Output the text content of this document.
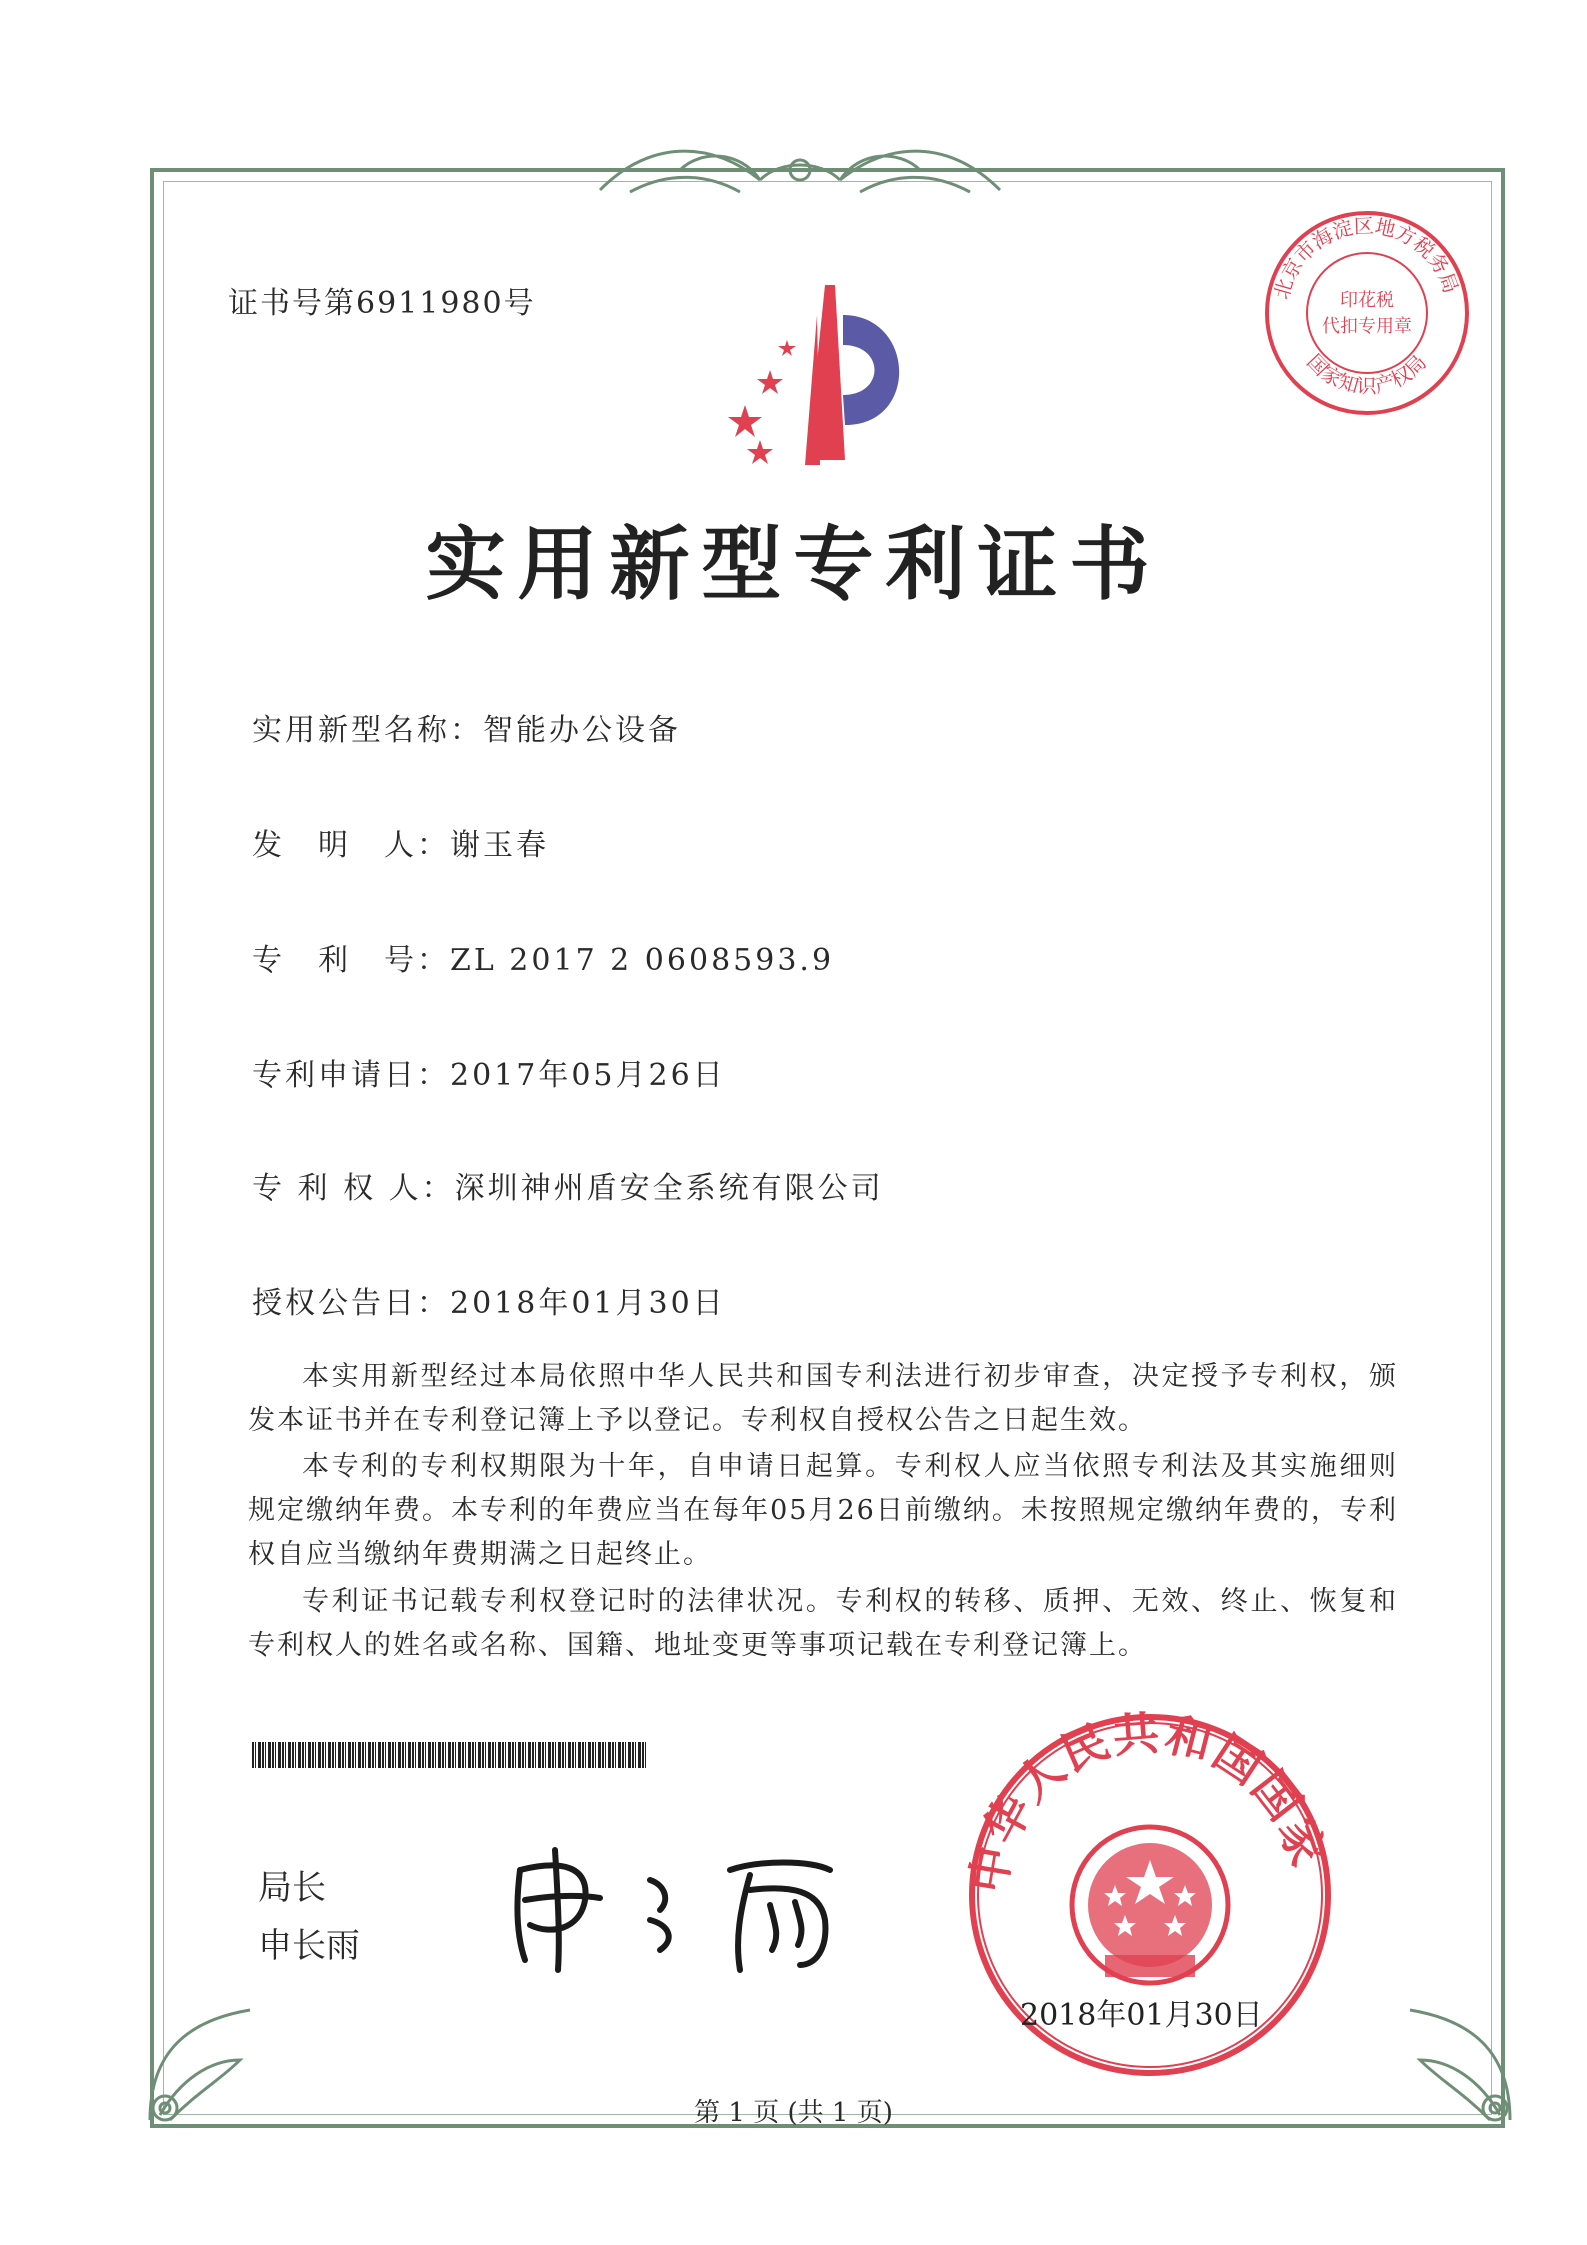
证书号第6911980号	北京市海淀区地方税务局
国家知识产权局
印花税
代扣专用章
实用新型专利证书
实用新型名称：智能办公设备
发　明　人：谢玉春
专　利　号：ZL 2017 2 0608593.9
专利申请日：2017年05月26日
专 利 权 人：深圳神州盾安全系统有限公司
授权公告日：2018年01月30日
本实用新型经过本局依照中华人民共和国专利法进行初步审查，决定授予专利权，颁发本证书并在专利登记簿上予以登记。专利权自授权公告之日起生效。
本专利的专利权期限为十年，自申请日起算。专利权人应当依照专利法及其实施细则规定缴纳年费。本专利的年费应当在每年05月26日前缴纳。未按照规定缴纳年费的，专利权自应当缴纳年费期满之日起终止。
专利证书记载专利权登记时的法律状况。专利权的转移、质押、无效、终止、恢复和专利权人的姓名或名称、国籍、地址变更等事项记载在专利登记簿上。
局长
申长雨
中华人民共和国国家
2018年01月30日
第 1 页 (共 1 页)
